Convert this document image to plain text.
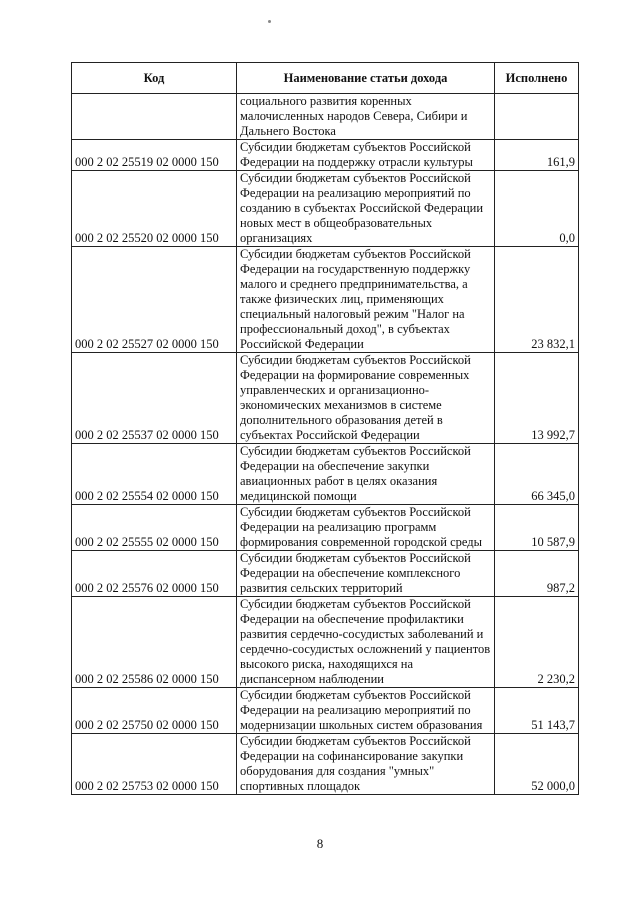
Код	Наименование статьи дохода	Исполнено
	социального развития коренных малочисленных народов Севера, Сибири и Дальнего Востока	
000 2 02 25519 02 0000 150	Субсидии бюджетам субъектов Российской Федерации на поддержку отрасли культуры	161,9
000 2 02 25520 02 0000 150	Субсидии бюджетам субъектов Российской Федерации на реализацию мероприятий по созданию в субъектах Российской Федерации новых мест в общеобразовательных организациях	0,0
000 2 02 25527 02 0000 150	Субсидии бюджетам субъектов Российской Федерации на государственную поддержку малого и среднего предпринимательства, а также физических лиц, применяющих специальный налоговый режим "Налог на профессиональный доход", в субъектах Российской Федерации	23 832,1
000 2 02 25537 02 0000 150	Субсидии бюджетам субъектов Российской Федерации на формирование современных управленческих и организационно-экономических механизмов в системе дополнительного образования детей в субъектах Российской Федерации	13 992,7
000 2 02 25554 02 0000 150	Субсидии бюджетам субъектов Российской Федерации на обеспечение закупки авиационных работ в целях оказания медицинской помощи	66 345,0
000 2 02 25555 02 0000 150	Субсидии бюджетам субъектов Российской Федерации на реализацию программ формирования современной городской среды	10 587,9
000 2 02 25576 02 0000 150	Субсидии бюджетам субъектов Российской Федерации на обеспечение комплексного развития сельских территорий	987,2
000 2 02 25586 02 0000 150	Субсидии бюджетам субъектов Российской Федерации на обеспечение профилактики развития сердечно-сосудистых заболеваний и сердечно-сосудистых осложнений у пациентов высокого риска, находящихся на диспансерном наблюдении	2 230,2
000 2 02 25750 02 0000 150	Субсидии бюджетам субъектов Российской Федерации на реализацию мероприятий по модернизации школьных систем образования	51 143,7
000 2 02 25753 02 0000 150	Субсидии бюджетам субъектов Российской Федерации на софинансирование закупки оборудования для создания "умных" спортивных площадок	52 000,0
8
